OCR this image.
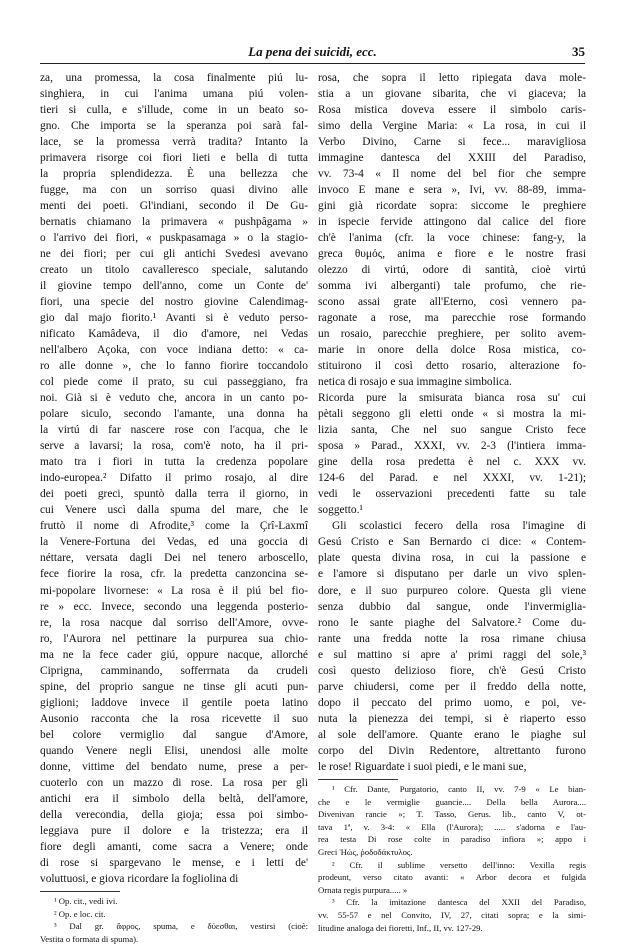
La pena dei suicidi, ecc.	35
za, una promessa, la cosa finalmente piú lu-
singhiera, in cui l'anima umana piú volen-
tieri si culla, e s'illude, come in un beato so-
gno. Che importa se la speranza poi sarà fal-
lace, se la promessa verrà tradita? Intanto la
primavera risorge coi fiori lieti e bella di tutta
la propria splendidezza. È una bellezza che
fugge, ma con un sorriso quasi divino alle
menti dei poeti. Gl'indiani, secondo il De Gu-
bernatis chiamano la primavera « pushpâgama »
o l'arrivo dei fiori, « puskpasamaga » o la stagio-
ne dei fiori; per cui gli antichi Svedesi avevano
creato un titolo cavalleresco speciale, salutando
il giovine tempo dell'anno, come un Conte de'
fiori, una specie del nostro giovine Calendimag-
gio dal majo fiorito.¹ Avanti si è veduto perso-
nificato Kamâdeva, il dio d'amore, nei Vedas
nell'albero Açoka, con voce indiana detto: « ca-
ro alle donne », che lo fanno fiorire toccandolo
col piede come il prato, su cui passeggiano, fra
noi. Già si è veduto che, ancora in un canto po-
polare siculo, secondo l'amante, una donna ha
la virtú di far nascere rose con l'acqua, che le
serve a lavarsi; la rosa, com'è noto, ha il pri-
mato tra i fiori in tutta la credenza popolare
indo-europea.² Difatto il primo rosajo, al dire
dei poeti greci, spuntò dalla terra il giorno, in
cui Venere uscì dalla spuma del mare, che le
fruttò il nome di Afrodite,³ come la Çrî-Laxmî
la Venere-Fortuna dei Vedas, ed una goccia di
néttare, versata dagli Dei nel tenero arboscello,
fece fiorire la rosa, cfr. la predetta canzoncina se-
mi-popolare livornese: « La rosa è il piú bel fio-
re » ecc. Invece, secondo una leggenda posterio-
re, la rosa nacque dal sorriso dell'Amore, ovve-
ro, l'Aurora nel pettinare la purpurea sua chio-
ma ne la fece cader giú, oppure nacque, allorché
Ciprigna, camminando, sofferrnata da crudeli
spine, del proprio sangue ne tinse gli acuti pun-
giglioni; laddove invece il gentile poeta latino
Ausonio racconta che la rosa ricevette il suo
bel colore vermiglio dal sangue d'Amore,
quando Venere negli Elisi, unendosi alle molte
donne, vittime del bendato nume, prese a per-
cuoterlo con un mazzo di rose. La rosa per gli
antichi era il simbolo della beltà, dell'amore,
della verecondia, della gioja; essa poi simbo-
leggiava pure il dolore e la tristezza; era il
fiore degli amanti, come sacra a Venere; onde
di rose si spargevano le mense, e i letti de'
voluttuosi, e giova ricordare la fogliolina di
¹ Op. cit., vedi ivi.
² Op. e loc. cit.
³ Dal gr. ἄφρος, spuma, e δύεσθαι, vestirsi (cioè:
Vestita o formata di spuma).
rosa, che sopra il letto ripiegata dava mole-
stia a un giovane sibarita, che vi giaceva; la
Rosa mistica doveva essere il simbolo caris-
simo della Vergine Maria: « La rosa, in cui il
Verbo Divino, Carne si fece... maravigliosa
immagine dantesca del XXIII del Paradiso,
vv. 73-4 « Il nome del bel fior che sempre
invoco E mane e sera », Ivi, vv. 88-89, imma-
gini già ricordate sopra: siccome le preghiere
in ispecie fervide attingono dal calice del fiore
ch'è l'anima (cfr. la voce chinese: fang-y, la
greca θυμός, anima e fiore e le nostre frasi
olezzo di virtú, odore di santità, cioè virtú
somma ivi alberganti) tale profumo, che rie-
scono assai grate all'Eterno, così vennero pa-
ragonate a rose, ma parecchie rose formando
un rosaio, parecchie preghiere, per solito avem-
marie in onore della dolce Rosa mistica, co-
stituirono il così detto rosario, alterazione fo-
netica di rosajo e sua immagine simbolica.
Ricorda pure la smisurata bianca rosa su' cui
pètali seggono gli eletti onde « si mostra la mi-
lizia santa, Che nel suo sangue Cristo fece
sposa » Parad., XXXI, vv. 2-3 (l'intiera imma-
gine della rosa predetta è nel c. XXX vv.
124-6 del Parad. e nel XXXI, vv. 1-21);
vedi le osservazioni precedenti fatte su tale
soggetto.¹
Gli scolastici fecero della rosa l'imagine di
Gesú Cristo e San Bernardo ci dice: « Contem-
plate questa divina rosa, in cui la passione e
e l'amore si disputano per darle un vivo splen-
dore, e il suo purpureo colore. Questa gli viene
senza dubbio dal sangue, onde l'invermiglia-
rono le sante piaghe del Salvatore.² Come du-
rante una fredda notte la rosa rimane chiusa
e sul mattino si apre a' primi raggi del sole,³
così questo delizioso fiore, ch'è Gesú Cristo
parve chiudersi, come per il freddo della notte,
dopo il peccato del primo uomo, e poi, ve-
nuta la pienezza dei tempi, si è riaperto esso
al sole dell'amore. Quante erano le piaghe sul
corpo del Divin Redentore, altrettanto furono
le rose! Riguardate i suoi piedi, e le mani sue,
¹ Cfr. Dante, Purgatorio, canto II, vv. 7-9 « Le bian-
che e le vermiglie guancie.... Della bella Aurora....
Divenivan rancie »; T. Tasso, Gerus. lib., canto V, ot-
tava 1ª, v. 3-4: « Ella (l'Aurora); ..... s'adorna e l'au-
rea testa Di rose colte in paradiso infiora »; appo i
Greci Ἠώς, ῥοδοδάκτυλος.
² Cfr. il sublime versetto dell'inno: Vexilla regis
prodeunt, verso citato avanti: « Arbor decora et fulgida
Ornata regis purpura..... »
³ Cfr. la imitazione dantesca del XXII del Paradiso,
vv. 55-57 e nel Convito, IV, 27, citati sopra; e la simi-
litudine analoga dei fioretti, Inf., II, vv. 127-29.
